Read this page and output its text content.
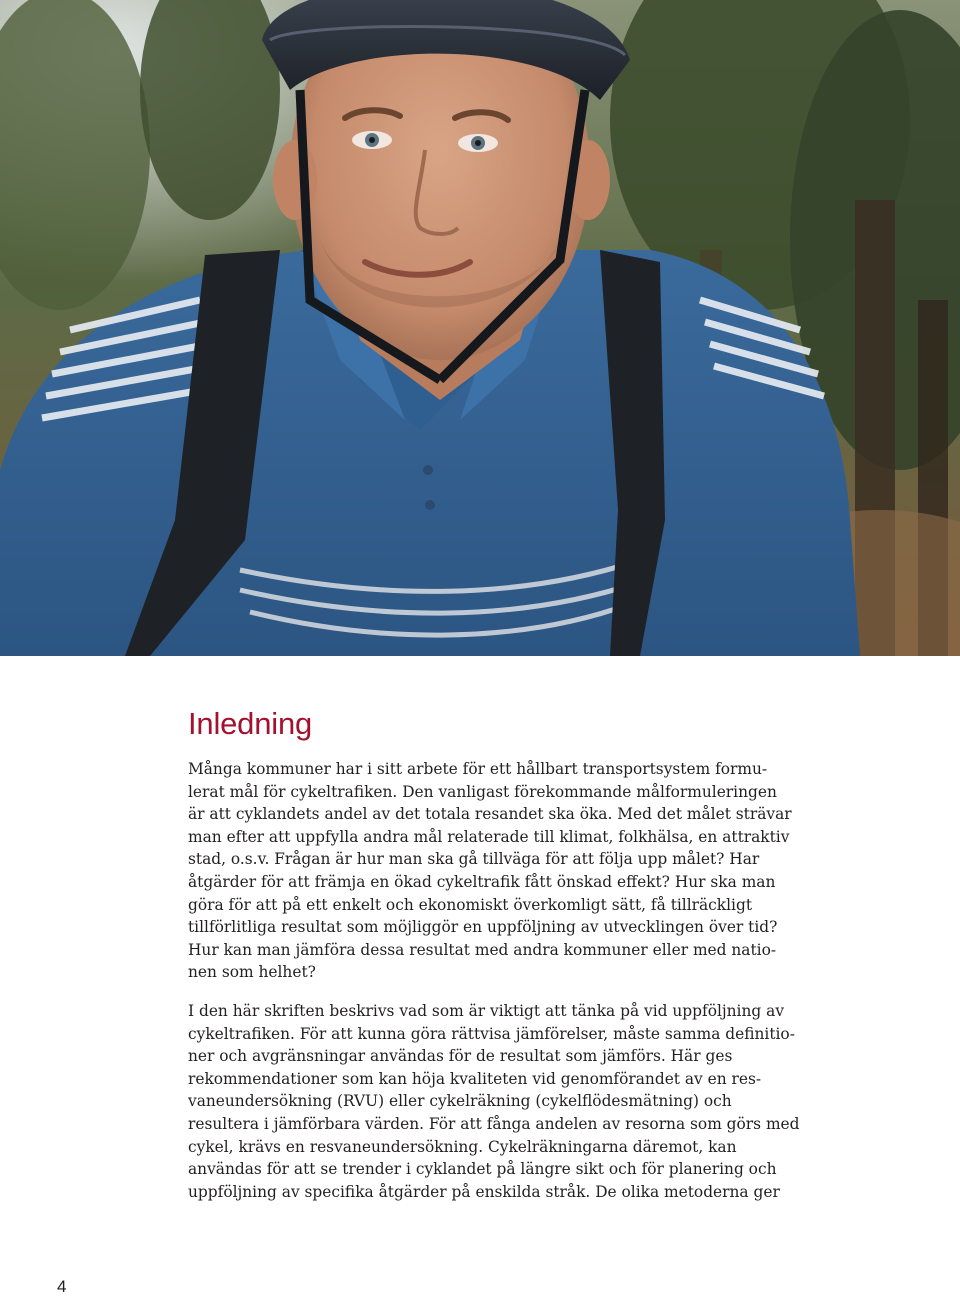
Inledning

Många kommuner har i sitt arbete för ett hållbart transportsystem formu-
lerat mål för cykeltrafiken. Den vanligast förekommande målformuleringen
är att cyklandets andel av det totala resandet ska öka. Med det målet strävar
man efter att uppfylla andra mål relaterade till klimat, folkhälsa, en attraktiv
stad, o.s.v. Frågan är hur man ska gå tillväga för att följa upp målet? Har
åtgärder för att främja en ökad cykeltrafik fått önskad effekt? Hur ska man
göra för att på ett enkelt och ekonomiskt överkomligt sätt, få tillräckligt
tillförlitliga resultat som möjliggör en uppföljning av utvecklingen över tid?
Hur kan man jämföra dessa resultat med andra kommuner eller med natio-
nen som helhet?

I den här skriften beskrivs vad som är viktigt att tänka på vid uppföljning av
cykeltrafiken. För att kunna göra rättvisa jämförelser, måste samma definitio-
ner och avgränsningar användas för de resultat som jämförs. Här ges
rekommendationer som kan höja kvaliteten vid genomförandet av en res-
vaneundersökning (RVU) eller cykelräkning (cykelflödesmätning) och
resultera i jämförbara värden. För att fånga andelen av resorna som görs med
cykel, krävs en resvaneundersökning. Cykelräkningarna däremot, kan
användas för att se trender i cyklandet på längre sikt och för planering och
uppföljning av specifika åtgärder på enskilda stråk. De olika metoderna ger

4
